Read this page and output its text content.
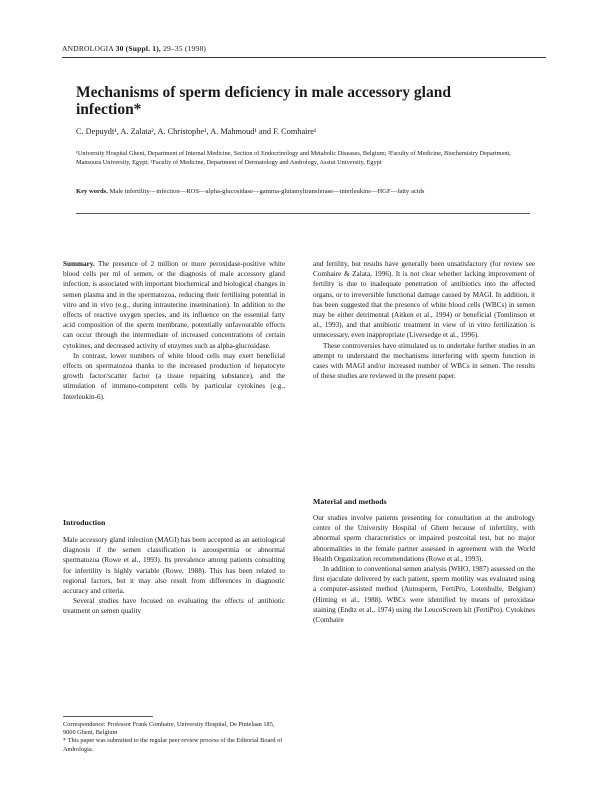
ANDROLOGIA 30 (Suppl. 1), 29–35 (1998)
Mechanisms of sperm deficiency in male accessory gland infection*
C. Depuydt¹, A. Zalata², A. Christophe¹, A. Mahmoud¹ and F. Comhaire¹
¹University Hospital Ghent, Department of Internal Medicine, Section of Endocrinology and Metabolic Diseases, Belgium; ²Faculty of Medicine, Biochemistry Department, Mansoura University, Egypt; ³Faculty of Medicine, Department of Dermatology and Andrology, Assiut University, Egypt
Key words. Male infertility—infection—ROS—alpha-glucosidase—gamma-glutamyltransferase—interleukins—HGF—fatty acids

Summary. The presence of 2 million or more peroxidase-positive white blood cells per ml of semen, or the diagnosis of male accessory gland infection, is associated with important biochemical and biological changes in semen plasma and in the spermatozoa, reducing their fertilising potential in vitro and in vivo (e.g., during intrauterine insemination). In addition to the effects of reactive oxygen species, and its influence on the essential fatty acid composition of the sperm membrane, potentially unfavourable effects can occur through the intermediate of increased concentrations of certain cytokines, and decreased activity of enzymes such as alpha-glucosidase.

In contrast, lower numbers of white blood cells may exert beneficial effects on spermatozoa thanks to the increased production of hepatocyte growth factor/scatter factor (a tissue repairing substance), and the stimulation of immuno-competent cells by particular cytokines (e.g., Interleukin-6).

Introduction

Male accessory gland infection (MAGI) has been accepted as an aetiological diagnosis if the semen classification is azoospermia or abnormal spermatozoa (Rowe et al., 1993). Its prevalence among patients consulting for infertility is highly variable (Rowe, 1988). This has been related to regional factors, but it may also result from differences in diagnostic accuracy and criteria.

Several studies have focused on evaluating the effects of antibiotic treatment on semen quality

and fertility, but results have generally been unsatisfactory (for review see Comhaire & Zalata, 1996). It is not clear whether lacking improvement of fertility is due to inadequate penetration of antibiotics into the affected organs, or to irreversible functional damage caused by MAGI. In addition, it has been suggested that the presence of white blood cells (WBCs) in semen may be either detrimental (Aitken et al., 1994) or beneficial (Tomlinson et al., 1993), and that antibiotic treatment in view of in vitro fertilization is unnecessary, even inappropriate (Liversedge et al., 1996).

These controversies have stimulated us to undertake further studies in an attempt to understand the mechanisms interfering with sperm function in cases with MAGI and/or increased number of WBCs in semen. The results of these studies are reviewed in the present paper.

Material and methods

Our studies involve patients presenting for consultation at the andrology centre of the University Hospital of Ghent because of infertility, with abnormal sperm characteristics or impaired postcoital test, but no major abnormalities in the female partner assessed in agreement with the World Health Organization recommendations (Rowe et al., 1993).

In addition to conventional semen analysis (WHO, 1987) assessed on the first ejaculate delivered by each patient, sperm motility was evaluated using a computer-assisted method (Autosperm, FertiPro, Lotenhulle, Belgium) (Hinting et al., 1988). WBCs were identified by means of peroxidase staining (Endtz et al., 1974) using the LeucoScreen kit (FertiPro). Cytokines (Comhaire

Correspondence: Professor Frank Comhaire, University Hospital, De Pintelaan 185, 9000 Ghent, Belgium

* This paper was submitted to the regular peer review process of the Editorial Board of Andrologia.
